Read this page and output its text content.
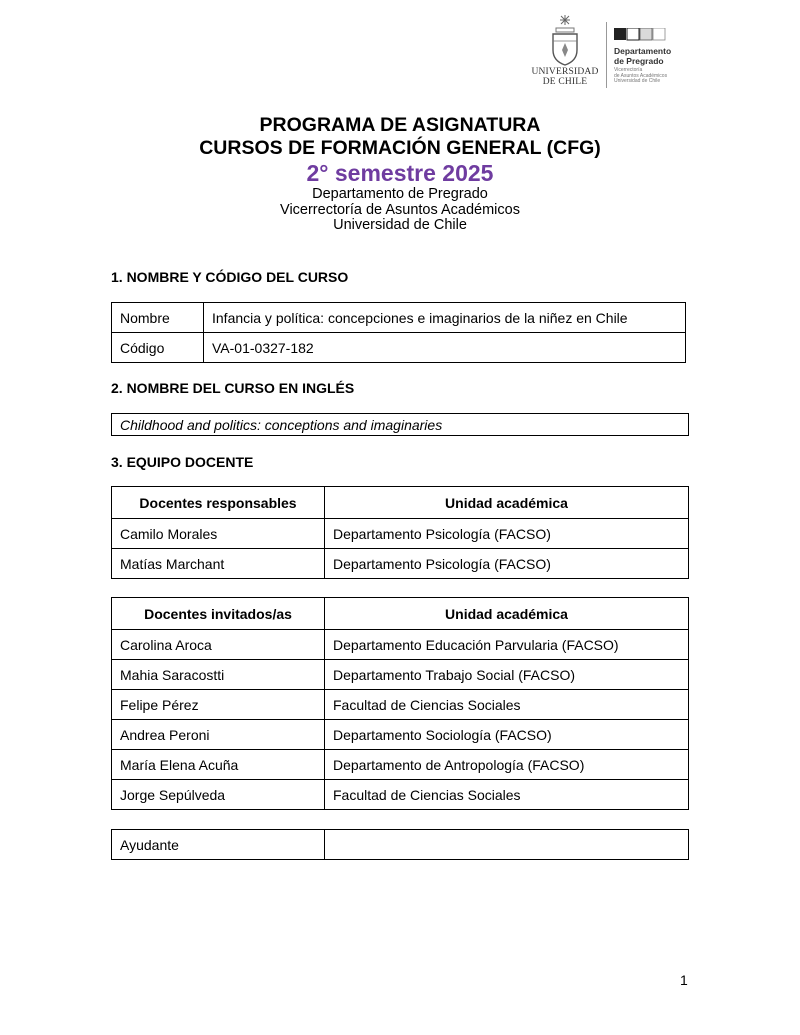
UNIVERSIDAD
DE CHILE
Departamento
de Pregrado
Vicerrectoría
de Asuntos Académicos
Universidad de Chile
PROGRAMA DE ASIGNATURA
CURSOS DE FORMACIÓN GENERAL (CFG)
2° semestre 2025
Departamento de Pregrado
Vicerrectoría de Asuntos Académicos
Universidad de Chile
1. NOMBRE Y CÓDIGO DEL CURSO
Nombre	Infancia y política: concepciones e imaginarios de la niñez en Chile
Código	VA-01-0327-182
2. NOMBRE DEL CURSO EN INGLÉS
Childhood and politics: conceptions and imaginaries
3. EQUIPO DOCENTE
Docentes responsables	Unidad académica
Camilo Morales	Departamento Psicología (FACSO)
Matías Marchant	Departamento Psicología (FACSO)
Docentes invitados/as	Unidad académica
Carolina Aroca	Departamento Educación Parvularia (FACSO)
Mahia Saracostti	Departamento Trabajo Social (FACSO)
Felipe Pérez	Facultad de Ciencias Sociales
Andrea Peroni	Departamento Sociología (FACSO)
María Elena Acuña	Departamento de Antropología (FACSO)
Jorge Sepúlveda	Facultad de Ciencias Sociales
Ayudante	
1
